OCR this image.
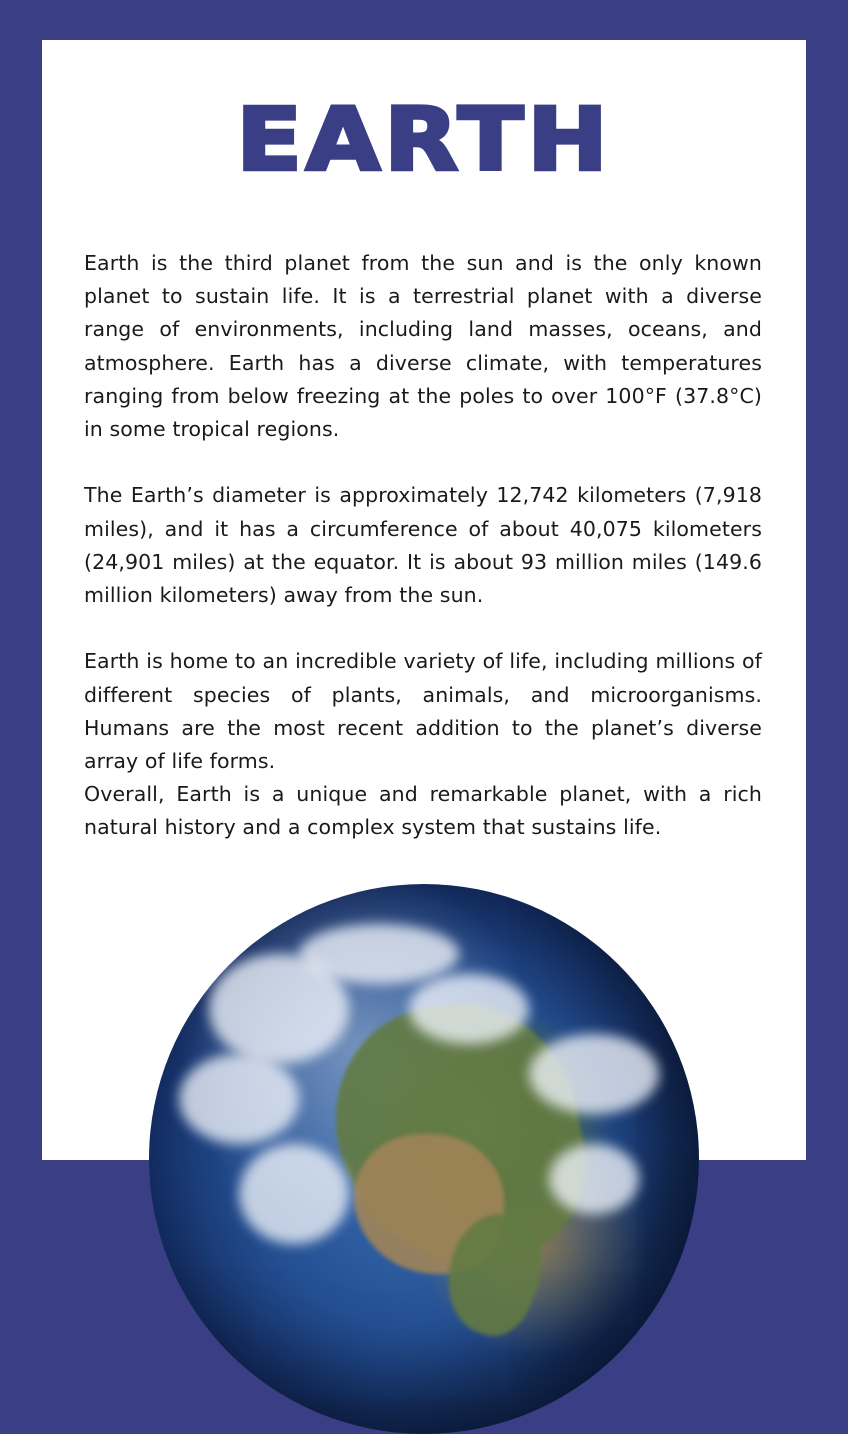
EARTH

Earth is the third planet from the sun and is the only known planet to sustain life. It is a terrestrial planet with a diverse range of environments, including land masses, oceans, and atmosphere. Earth has a diverse climate, with temperatures ranging from below freezing at the poles to over 100°F (37.8°C) in some tropical regions.

The Earth’s diameter is approximately 12,742 kilometers (7,918 miles), and it has a circumference of about 40,075 kilometers (24,901 miles) at the equator. It is about 93 million miles (149.6 million kilometers) away from the sun.

Earth is home to an incredible variety of life, including millions of different species of plants, animals, and microorganisms. Humans are the most recent addition to the planet’s diverse array of life forms.

Overall, Earth is a unique and remarkable planet, with a rich natural history and a complex system that sustains life.
